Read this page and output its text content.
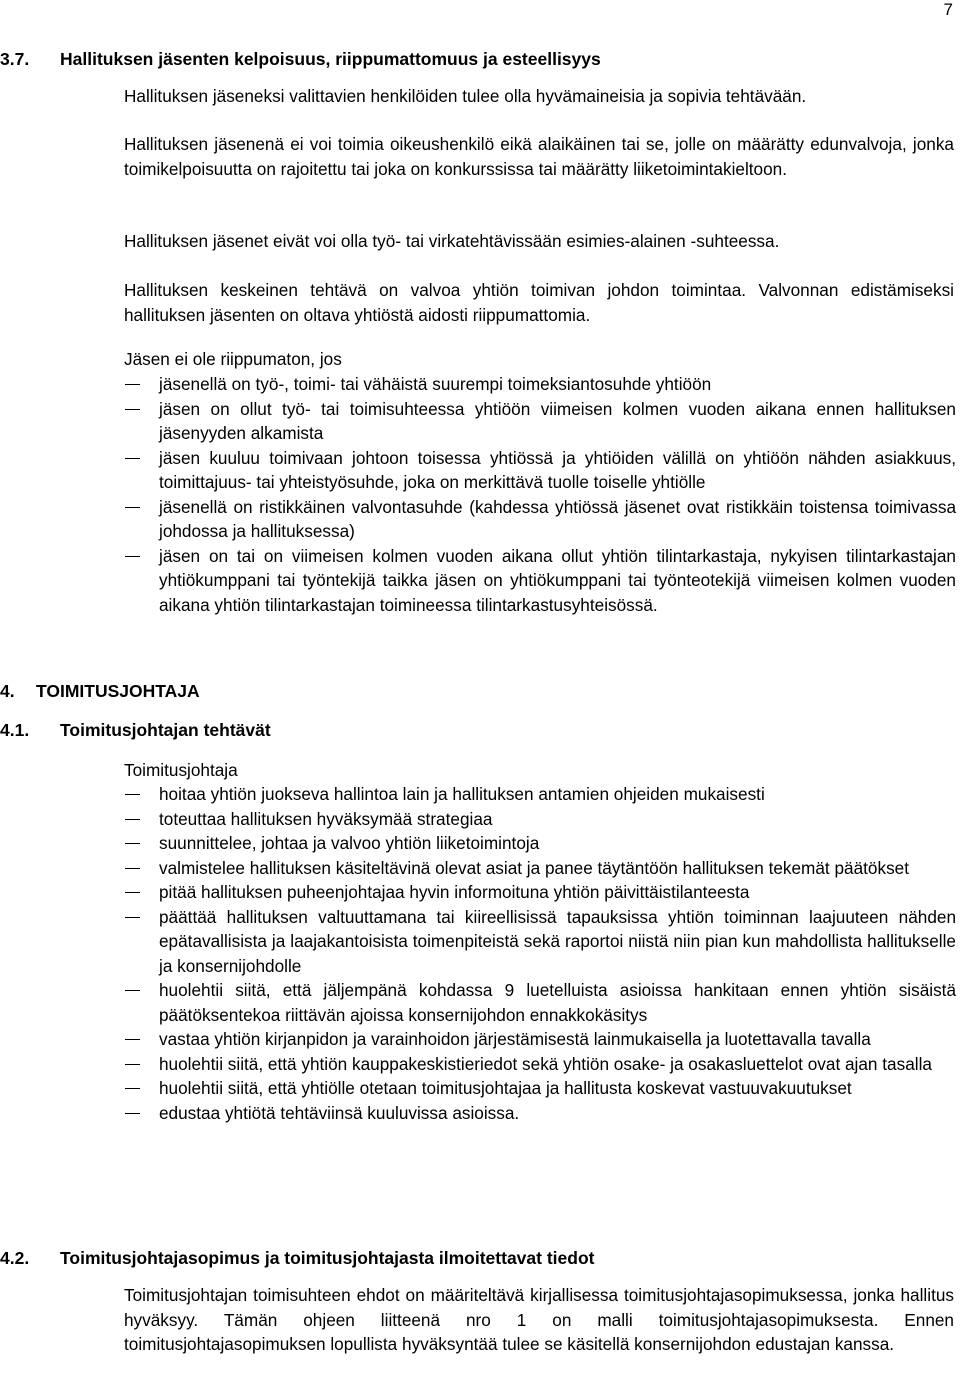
7
3.7. Hallituksen jäsenten kelpoisuus, riippumattomuus ja esteellisyys

Hallituksen jäseneksi valittavien henkilöiden tulee olla hyvämaineisia ja sopivia tehtävään.

Hallituksen jäsenenä ei voi toimia oikeushenkilö eikä alaikäinen tai se, jolle on määrätty edunvalvoja, jonka toimikelpoisuutta on rajoitettu tai joka on konkurssissa tai määrätty liiketoimintakieltoon.

Hallituksen jäsenet eivät voi olla työ- tai virkatehtävissään esimies-alainen -suhteessa.

Hallituksen keskeinen tehtävä on valvoa yhtiön toimivan johdon toimintaa. Valvonnan edistämiseksi hallituksen jäsenten on oltava yhtiöstä aidosti riippumattomia.

Jäsen ei ole riippumaton, jos

jäsenellä on työ-, toimi- tai vähäistä suurempi toimeksiantosuhde yhtiöön
jäsen on ollut työ- tai toimisuhteessa yhtiöön viimeisen kolmen vuoden aikana ennen hallituksen jäsenyyden alkamista
jäsen kuuluu toimivaan johtoon toisessa yhtiössä ja yhtiöiden välillä on yhtiöön nähden asiakkuus, toimittajuus- tai yhteistyösuhde, joka on merkittävä tuolle toiselle yhtiölle
jäsenellä on ristikkäinen valvontasuhde (kahdessa yhtiössä jäsenet ovat ristikkäin toistensa toimivassa johdossa ja hallituksessa)
jäsen on tai on viimeisen kolmen vuoden aikana ollut yhtiön tilintarkastaja, nykyisen tilintarkastajan yhtiökumppani tai työntekijä taikka jäsen on yhtiökumppani tai työnteotekijä viimeisen kolmen vuoden aikana yhtiön tilintarkastajan toimineessa tilintarkastusyhteisössä.
4. TOIMITUSJOHTAJA
4.1. Toimitusjohtajan tehtävät

Toimitusjohtaja

hoitaa yhtiön juokseva hallintoa lain ja hallituksen antamien ohjeiden mukaisesti
toteuttaa hallituksen hyväksymää strategiaa
suunnittelee, johtaa ja valvoo yhtiön liiketoimintoja
valmistelee hallituksen käsiteltävinä olevat asiat ja panee täytäntöön hallituksen tekemät päätökset
pitää hallituksen puheenjohtajaa hyvin informoituna yhtiön päivittäistilanteesta
päättää hallituksen valtuuttamana tai kiireellisissä tapauksissa yhtiön toiminnan laajuuteen nähden epätavallisista ja laajakantoisista toimenpiteistä sekä raportoi niistä niin pian kun mahdollista hallitukselle ja konsernijohdolle
huolehtii siitä, että jäljempänä kohdassa 9 luetelluista asioissa hankitaan ennen yhtiön sisäistä päätöksentekoa riittävän ajoissa konsernijohdon ennakkokäsitys
vastaa yhtiön kirjanpidon ja varainhoidon järjestämisestä lainmukaisella ja luotettavalla tavalla
huolehtii siitä, että yhtiön kauppakeskistieriedot sekä yhtiön osake- ja osakasluettelot ovat ajan tasalla
huolehtii siitä, että yhtiölle otetaan toimitusjohtajaa ja hallitusta koskevat vastuuvakuutukset
edustaa yhtiötä tehtäviinsä kuuluvissa asioissa.
4.2. Toimitusjohtajasopimus ja toimitusjohtajasta ilmoitettavat tiedot

Toimitusjohtajan toimisuhteen ehdot on määriteltävä kirjallisessa toimitusjohtajasopimuksessa, jonka hallitus hyväksyy. Tämän ohjeen liitteenä nro 1 on malli toimitusjohtajasopimuksesta. Ennen toimitusjohtajasopimuksen lopullista hyväksyntää tulee se käsitellä konsernijohdon edustajan kanssa.
